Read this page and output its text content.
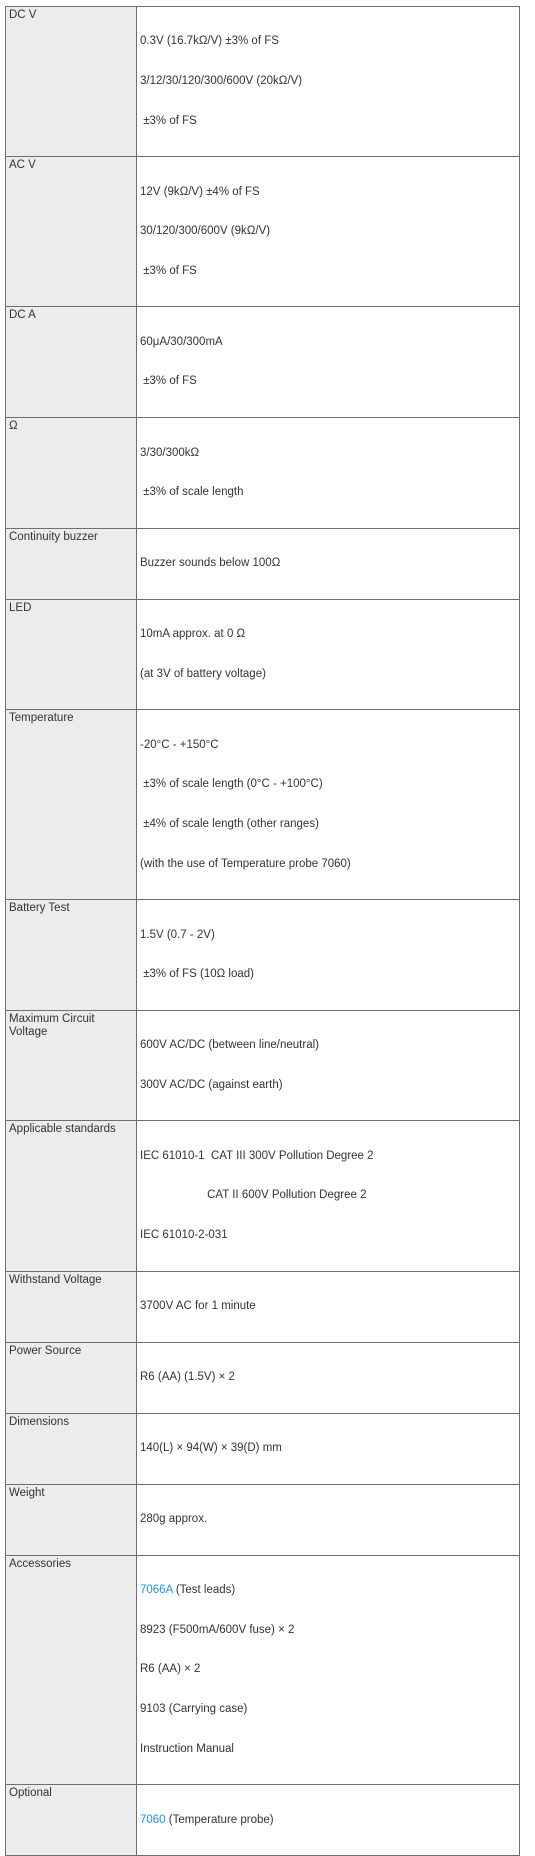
DC V	0.3V (16.7kΩ/V) ±3% of FS

3/12/30/120/300/600V (20kΩ/V)

±3% of FS

AC V	12V (9kΩ/V) ±4% of FS

30/120/300/600V (9kΩ/V)

±3% of FS

DC A	60μA/30/300mA

±3% of FS

Ω	3/30/300kΩ

±3% of scale length

Continuity buzzer	Buzzer sounds below 100Ω

LED	10mA approx. at 0 Ω

(at 3V of battery voltage)

Temperature	-20°C - +150°C

±3% of scale length (0°C - +100°C)

±4% of scale length (other ranges)

(with the use of Temperature probe 7060)

Battery Test	1.5V (0.7 - 2V)

±3% of FS (10Ω load)

Maximum Circuit Voltage	600V AC/DC (between line/neutral)

300V AC/DC (against earth)

Applicable standards	IEC 61010-1  CAT III 300V Pollution Degree 2

CAT II 600V Pollution Degree 2

IEC 61010-2-031

Withstand Voltage	3700V AC for 1 minute

Power Source	R6 (AA) (1.5V) × 2

Dimensions	140(L) × 94(W) × 39(D) mm

Weight	280g approx.

Accessories	7066A (Test leads)

8923 (F500mA/600V fuse) × 2

R6 (AA) × 2

9103 (Carrying case)

Instruction Manual

Optional	7060 (Temperature probe)
